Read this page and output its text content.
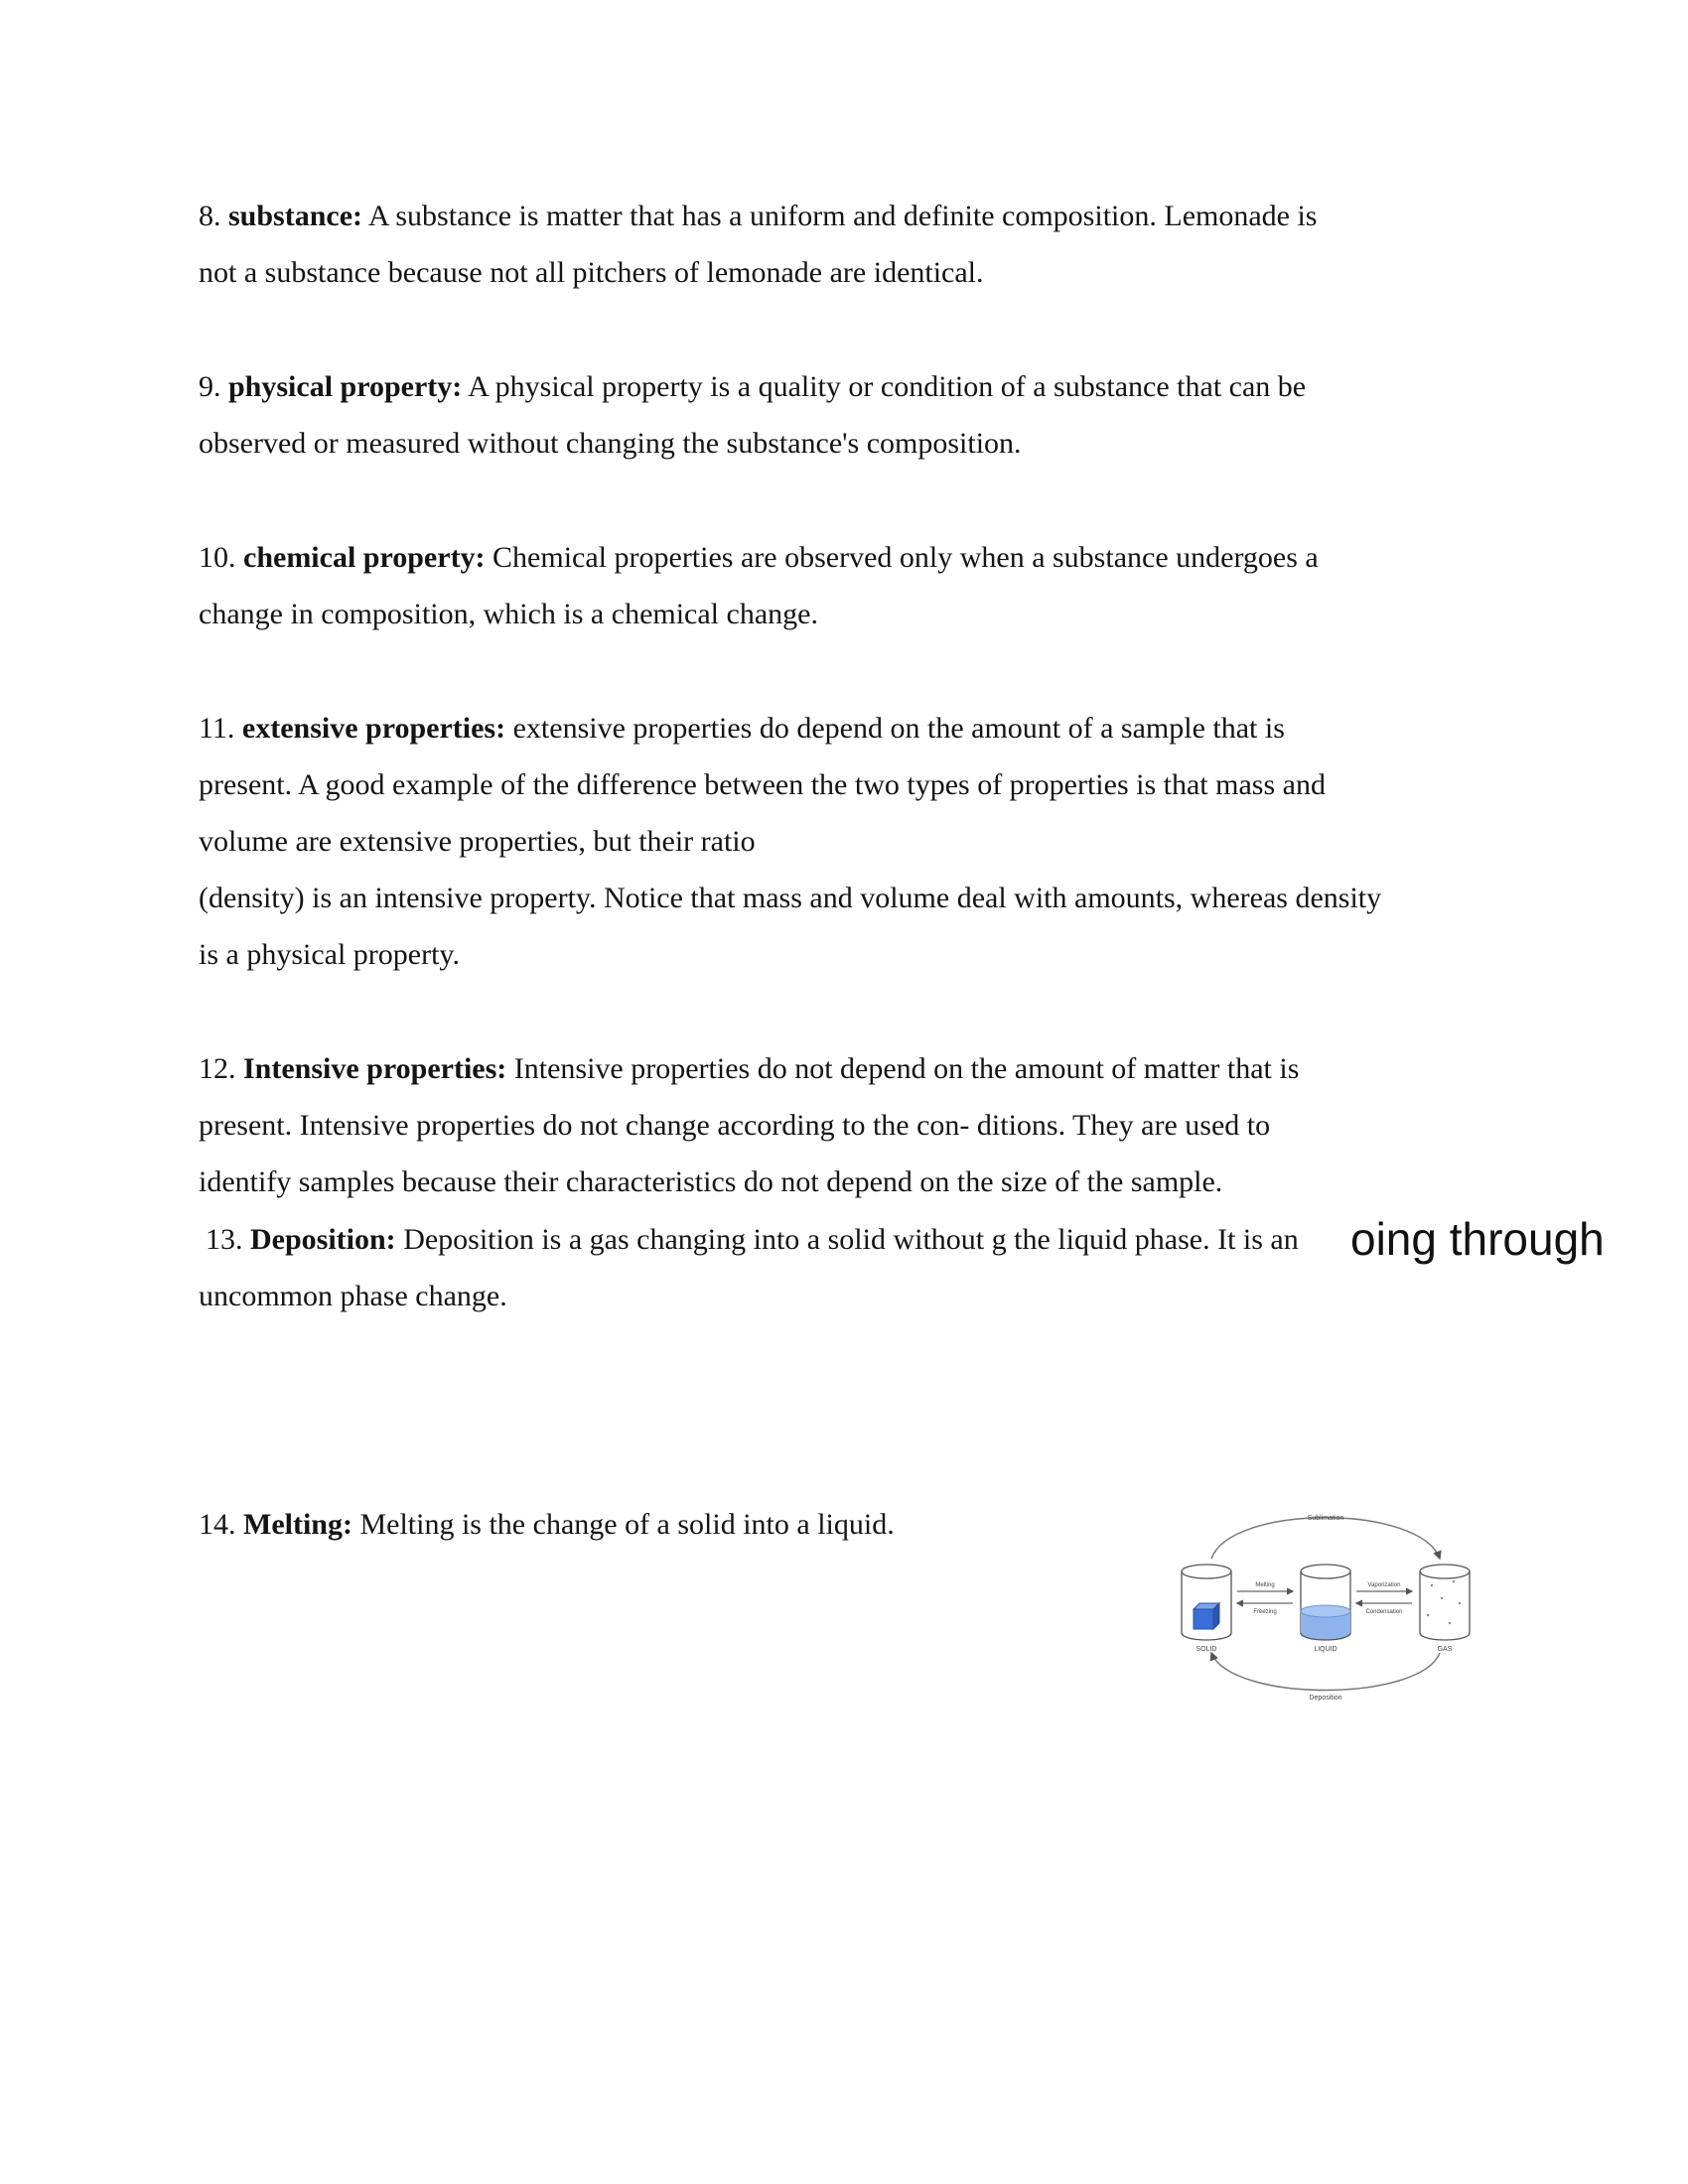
8. substance: A substance is matter that has a uniform and definite composition. Lemonade is
not a substance because not all pitchers of lemonade are identical.
9. physical property: A physical property is a quality or condition of a substance that can be
observed or measured without changing the substance's composition.
10. chemical property: Chemical properties are observed only when a substance undergoes a
change in composition, which is a chemical change.
11. extensive properties: extensive properties do depend on the amount of a sample that is
present. A good example of the difference between the two types of properties is that mass and
volume are extensive properties, but their ratio
(density) is an intensive property. Notice that mass and volume deal with amounts, whereas density
is a physical property.
12. Intensive properties: Intensive properties do not depend on the amount of matter that is
present. Intensive properties do not change according to the con- ditions. They are used to
identify samples because their characteristics do not depend on the size of the sample.
13. Deposition: Deposition is a gas changing into a solid without g the liquid phase. It is an
uncommon phase change.
oing through
14. Melting: Melting is the change of a solid into a liquid.	Sublimation
Deposition
SOLID	LIQUID	GAS
Melting
Freezing
Vaporization
Condensation
